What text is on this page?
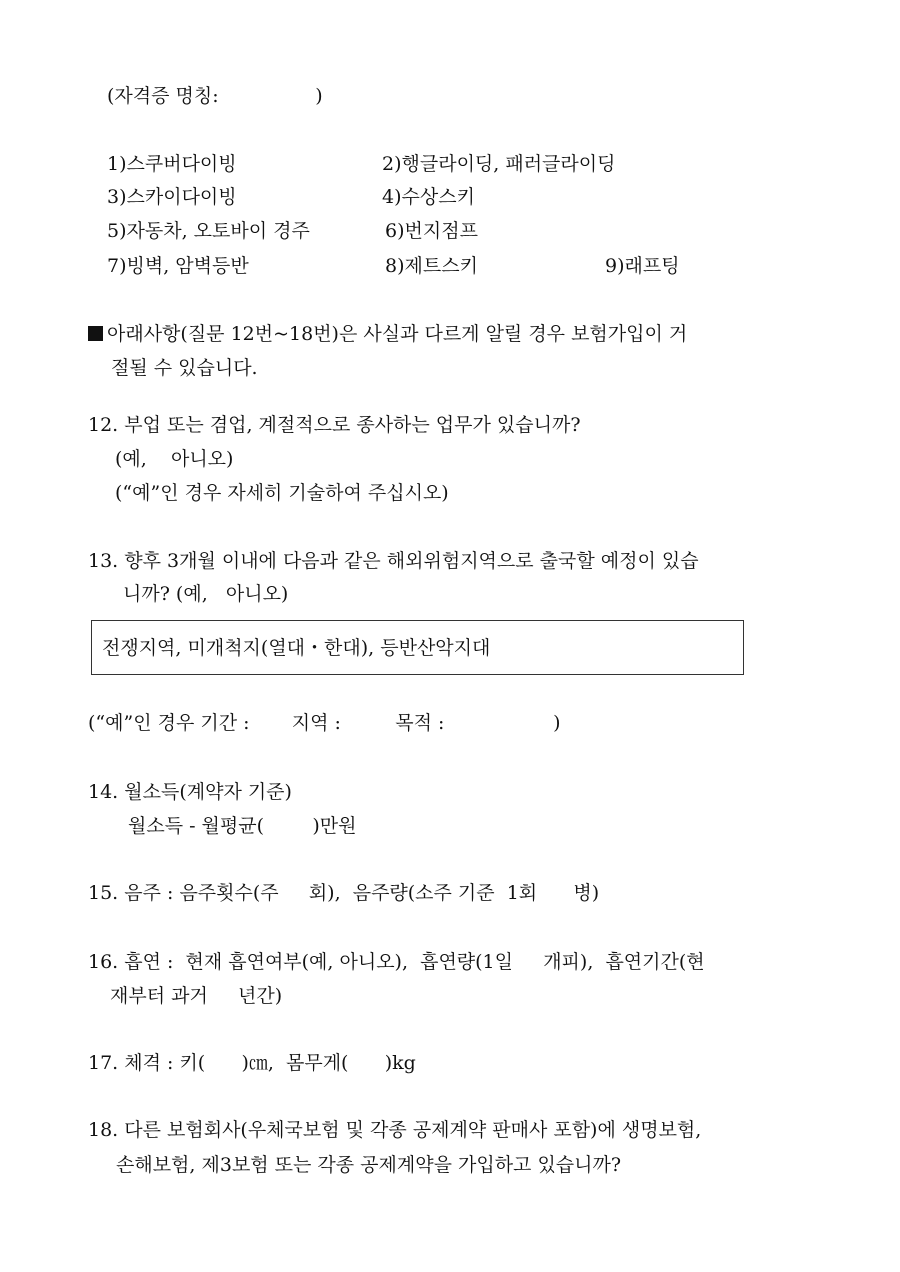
(자격증 명칭:                )

1)스쿠버다이빙	2)행글라이딩, 패러글라이딩

3)스카이다이빙	4)수상스키

5)자동차, 오토바이 경주	6)번지점프

7)빙벽, 암벽등반	8)제트스키	9)래프팅

아래사항(질문 12번~18번)은 사실과 다르게 알릴 경우 보험가입이 거

절될 수 있습니다.

12. 부업 또는 겸업, 계절적으로 종사하는 업무가 있습니까?

(예,    아니오)

(“예”인 경우 자세히 기술하여 주십시오)

13. 향후 3개월 이내에 다음과 같은 해외위험지역으로 출국할 예정이 있습

니까? (예,   아니오)

전쟁지역, 미개척지(열대・한대), 등반산악지대

(“예”인 경우 기간 :       지역 :         목적 :                  )

14. 월소득(계약자 기준)

월소득 - 월평균(        )만원

15. 음주 : 음주횟수(주     회),  음주량(소주 기준  1회      병)

16. 흡연 :  현재 흡연여부(예, 아니오),  흡연량(1일     개피),  흡연기간(현

재부터 과거     년간)

17. 체격 : 키(      )㎝,  몸무게(      )kg

18. 다른 보험회사(우체국보험 및 각종 공제계약 판매사 포함)에 생명보험,

손해보험, 제3보험 또는 각종 공제계약을 가입하고 있습니까?
